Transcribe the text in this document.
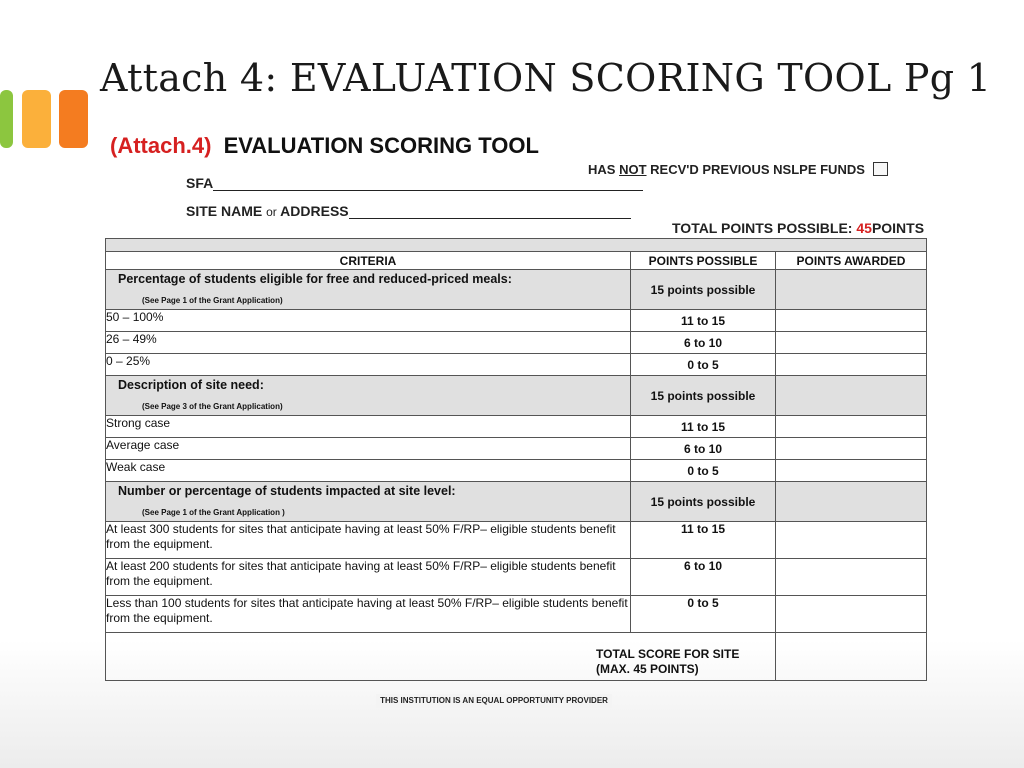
Attach 4: EVALUATION SCORING TOOL Pg 1
(Attach.4) EVALUATION SCORING TOOL
HAS NOT RECV'D PREVIOUS NSLPE FUNDS
SFA
SITE NAME or ADDRESS
TOTAL POINTS POSSIBLE: 45POINTS

CRITERIA	POINTS POSSIBLE	POINTS AWARDED

Percentage of students eligible for free and reduced-priced meals:
(See Page 1 of the Grant Application)	15 points possible	
50 – 100%	11 to 15	
26 – 49%	6 to 10	
0 – 25%	0 to 5	

Description of site need:
(See Page 3 of the Grant Application)	15 points possible	
Strong case	11 to 15	
Average case	6 to 10	
Weak case	0 to 5	

Number or percentage of students impacted at site level:
(See Page 1 of the Grant Application )	15 points possible	
At least 300 students for sites that anticipate having at least 50% F/RP– eligible students benefit from the equipment.	11 to 15	
At least 200 students for sites that anticipate having at least 50% F/RP– eligible students benefit from the equipment.	6 to 10	
Less than 100 students for sites that anticipate having at least 50% F/RP– eligible students benefit from the equipment.	0 to 5	

TOTAL SCORE FOR SITE
(MAX. 45 POINTS)		

THIS INSTITUTION IS AN EQUAL OPPORTUNITY PROVIDER
